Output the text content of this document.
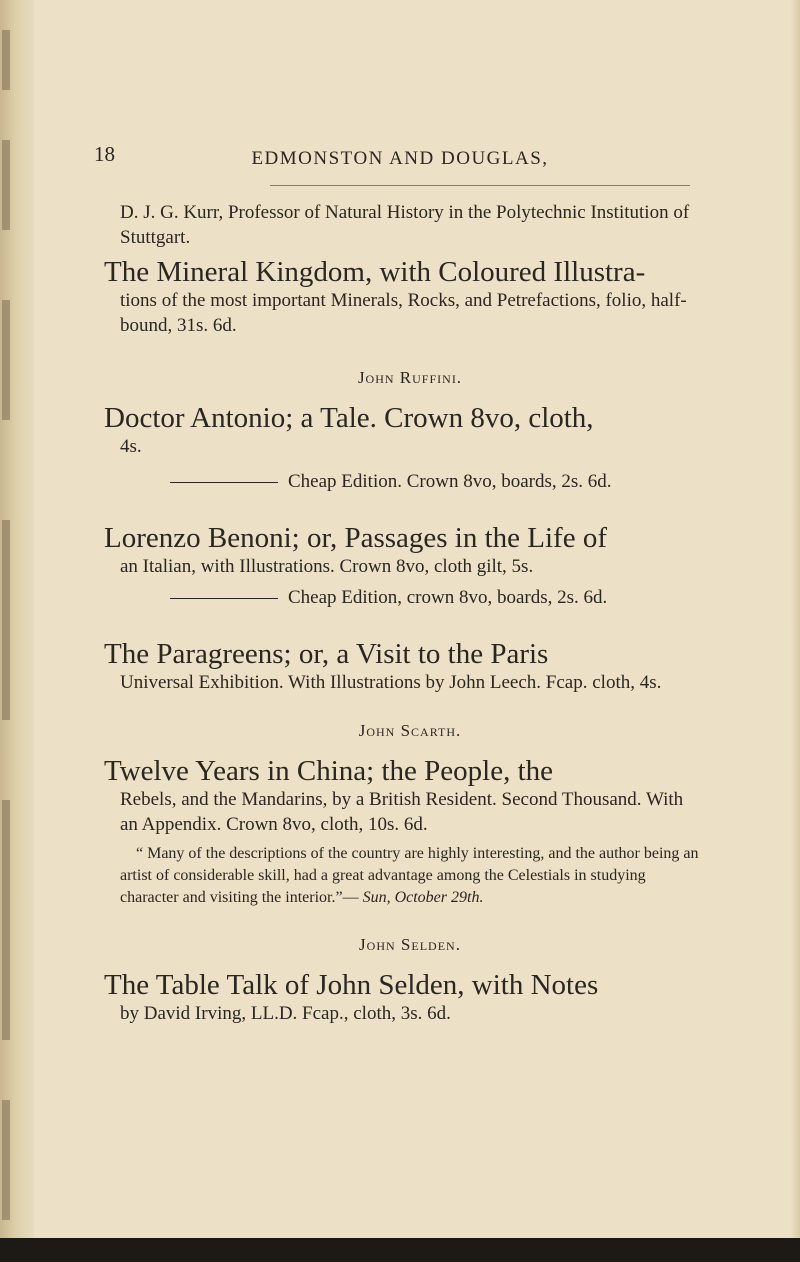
18	EDMONSTON AND DOUGLAS,

D. J. G. Kurr, Professor of Natural History in the Polytechnic Institution of Stuttgart.

The Mineral Kingdom, with Coloured Illustra-

tions of the most important Minerals, Rocks, and Petrefactions, folio, half-bound, 31s. 6d.

John Ruffini.

Doctor Antonio; a Tale. Crown 8vo, cloth,

4s.

Cheap Edition. Crown 8vo, boards, 2s. 6d.

Lorenzo Benoni; or, Passages in the Life of

an Italian, with Illustrations. Crown 8vo, cloth gilt, 5s.

Cheap Edition, crown 8vo, boards, 2s. 6d.

The Paragreens; or, a Visit to the Paris

Universal Exhibition. With Illustrations by John Leech. Fcap. cloth, 4s.

John Scarth.

Twelve Years in China; the People, the

Rebels, and the Mandarins, by a British Resident. Second Thousand. With an Appendix. Crown 8vo, cloth, 10s. 6d.

“ Many of the descriptions of the country are highly interesting, and the author being an artist of considerable skill, had a great advantage among the Celestials in studying character and visiting the interior.”— Sun, October 29th.

John Selden.

The Table Talk of John Selden, with Notes

by David Irving, LL.D. Fcap., cloth, 3s. 6d.
